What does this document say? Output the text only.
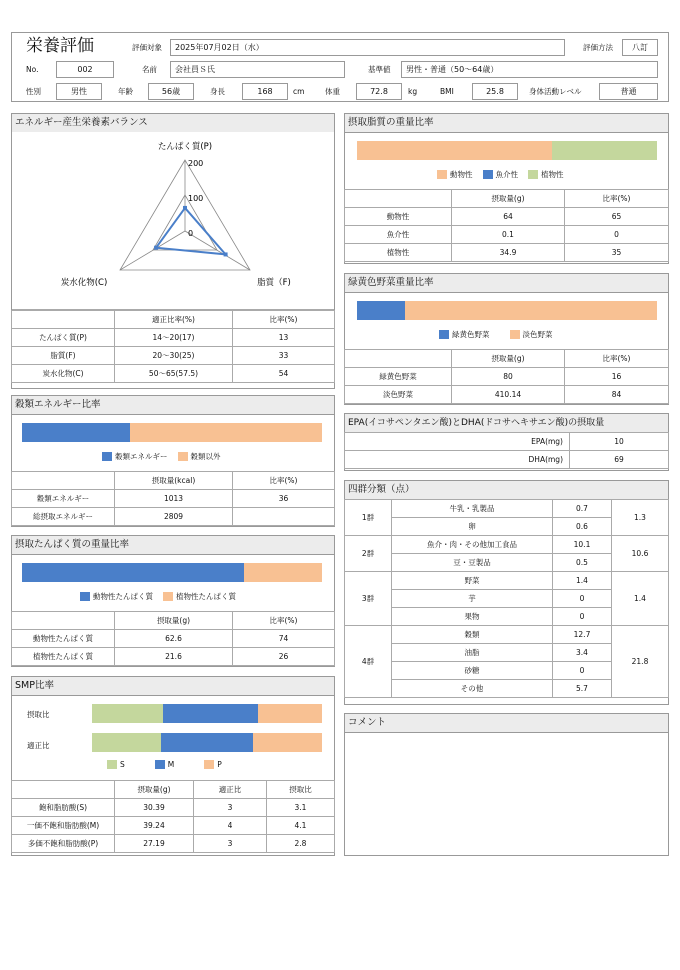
栄養評価	評価対象	2025年07月02日（水）	評価方法	八訂
No.	002	名前	会社員Ｓ氏	基準値	男性・普通（50～64歳）
性別	男性	年齢	56歳	身長	168	cm	体重	72.8	kg	BMI	25.8	身体活動レベル	普通
エネルギー産生栄養素バランス
200
100
0
たんぱく質(P)
脂質（F)
炭水化物(C)
	適正比率(%)	比率(%)
たんぱく質(P)	14～20(17)	13
脂質(F)	20～30(25)	33
炭水化物(C)	50～65(57.5)	54
穀類エネルギー比率
穀類エネルギー	穀類以外
	摂取量(kcal)	比率(%)
穀類エネルギー	1013	36
総摂取エネルギー	2809	
摂取たんぱく質の重量比率
動物性たんぱく質	植物性たんぱく質
	摂取量(g)	比率(%)
動物性たんぱく質	62.6	74
植物性たんぱく質	21.6	26
SMP比率
摂取比
適正比
S	M	P
	摂取量(g)	適正比	摂取比
飽和脂肪酸(S)	30.39	3	3.1
一価不飽和脂肪酸(M)	39.24	4	4.1
多価不飽和脂肪酸(P)	27.19	3	2.8
摂取脂質の重量比率
動物性	魚介性	植物性
	摂取量(g)	比率(%)
動物性	64	65
魚介性	0.1	0
植物性	34.9	35
緑黄色野菜重量比率
緑黄色野菜	淡色野菜
	摂取量(g)	比率(%)
緑黄色野菜	80	16
淡色野菜	410.14	84
EPA(イコサペンタエン酸)とDHA(ドコサヘキサエン酸)の摂取量
EPA(mg)	10
DHA(mg)	69
四群分類（点）
1群	牛乳・乳製品	0.7	1.3
	卵	0.6	
2群	魚介・肉・その他加工食品	10.1	10.6
	豆・豆製品	0.5	
3群	野菜	1.4	1.4
	芋	0	
	果物	0	
4群	穀類	12.7	21.8
	油脂	3.4	
	砂糖	0	
	その他	5.7	
コメント
